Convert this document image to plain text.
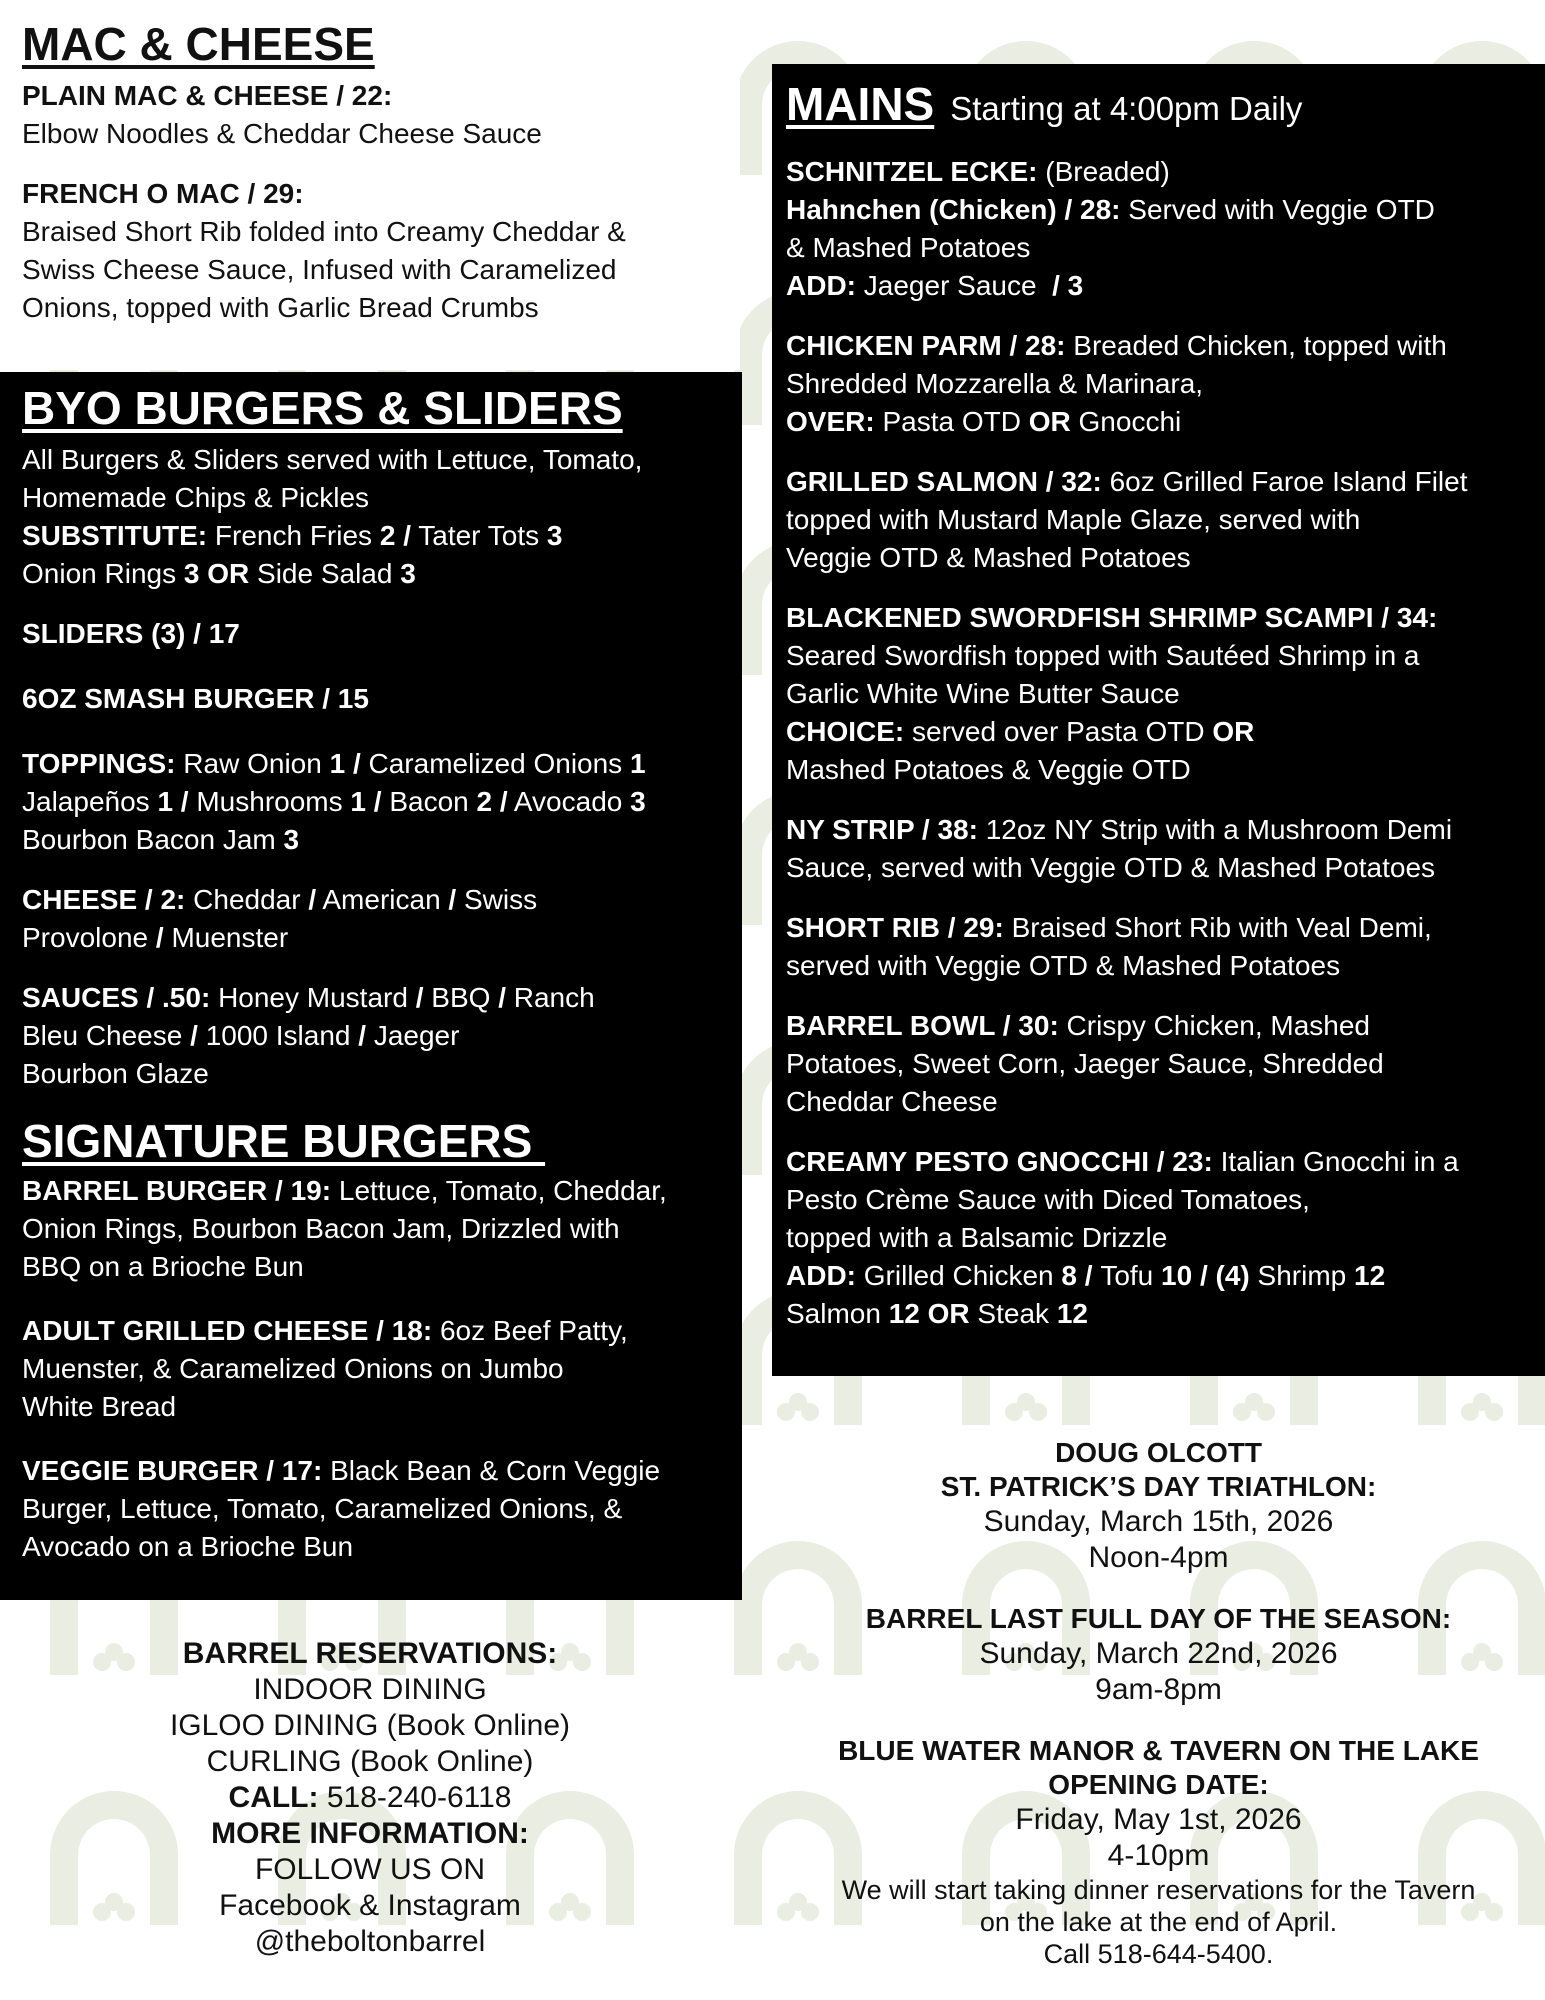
MAC & CHEESE

PLAIN MAC & CHEESE / 22:

Elbow Noodles & Cheddar Cheese Sauce

FRENCH O MAC / 29:

Braised Short Rib folded into Creamy Cheddar &

Swiss Cheese Sauce, Infused with Caramelized

Onions, topped with Garlic Bread Crumbs

BYO BURGERS & SLIDERS

All Burgers & Sliders served with Lettuce, Tomato,

Homemade Chips & Pickles

SUBSTITUTE: French Fries 2 / Tater Tots 3

Onion Rings 3 OR Side Salad 3

SLIDERS (3) / 17

6OZ SMASH BURGER / 15

TOPPINGS: Raw Onion 1 / Caramelized Onions 1

Jalapeños 1 / Mushrooms 1 / Bacon 2 / Avocado 3

Bourbon Bacon Jam 3

CHEESE / 2: Cheddar / American / Swiss

Provolone / Muenster

SAUCES / .50: Honey Mustard / BBQ / Ranch

Bleu Cheese / 1000 Island / Jaeger

Bourbon Glaze

SIGNATURE BURGERS

BARREL BURGER / 19: Lettuce, Tomato, Cheddar,

Onion Rings, Bourbon Bacon Jam, Drizzled with

BBQ on a Brioche Bun

ADULT GRILLED CHEESE / 18: 6oz Beef Patty,

Muenster, & Caramelized Onions on Jumbo

White Bread

VEGGIE BURGER / 17: Black Bean & Corn Veggie

Burger, Lettuce, Tomato, Caramelized Onions, &

Avocado on a Brioche Bun

MAINS Starting at 4:00pm Daily

SCHNITZEL ECKE: (Breaded)

Hahnchen (Chicken) / 28: Served with Veggie OTD

& Mashed Potatoes

ADD: Jaeger Sauce  / 3

CHICKEN PARM / 28: Breaded Chicken, topped with

Shredded Mozzarella & Marinara,

OVER: Pasta OTD OR Gnocchi

GRILLED SALMON / 32: 6oz Grilled Faroe Island Filet

topped with Mustard Maple Glaze, served with

Veggie OTD & Mashed Potatoes

BLACKENED SWORDFISH SHRIMP SCAMPI / 34:

Seared Swordfish topped with Sautéed Shrimp in a

Garlic White Wine Butter Sauce

CHOICE: served over Pasta OTD OR

Mashed Potatoes & Veggie OTD

NY STRIP / 38: 12oz NY Strip with a Mushroom Demi

Sauce, served with Veggie OTD & Mashed Potatoes

SHORT RIB / 29: Braised Short Rib with Veal Demi,

served with Veggie OTD & Mashed Potatoes

BARREL BOWL / 30: Crispy Chicken, Mashed

Potatoes, Sweet Corn, Jaeger Sauce, Shredded

Cheddar Cheese

CREAMY PESTO GNOCCHI / 23: Italian Gnocchi in a

Pesto Crème Sauce with Diced Tomatoes,

topped with a Balsamic Drizzle

ADD: Grilled Chicken 8 / Tofu 10 / (4) Shrimp 12

Salmon 12 OR Steak 12

BARREL RESERVATIONS:

INDOOR DINING

IGLOO DINING (Book Online)

CURLING (Book Online)

CALL: 518-240-6118

MORE INFORMATION:

FOLLOW US ON

Facebook & Instagram

@theboltonbarrel

DOUG OLCOTT

ST. PATRICK’S DAY TRIATHLON:

Sunday, March 15th, 2026

Noon-4pm

BARREL LAST FULL DAY OF THE SEASON:

Sunday, March 22nd, 2026

9am-8pm

BLUE WATER MANOR & TAVERN ON THE LAKE

OPENING DATE:

Friday, May 1st, 2026

4-10pm

We will start taking dinner reservations for the Tavern

on the lake at the end of April.

Call 518-644-5400.
